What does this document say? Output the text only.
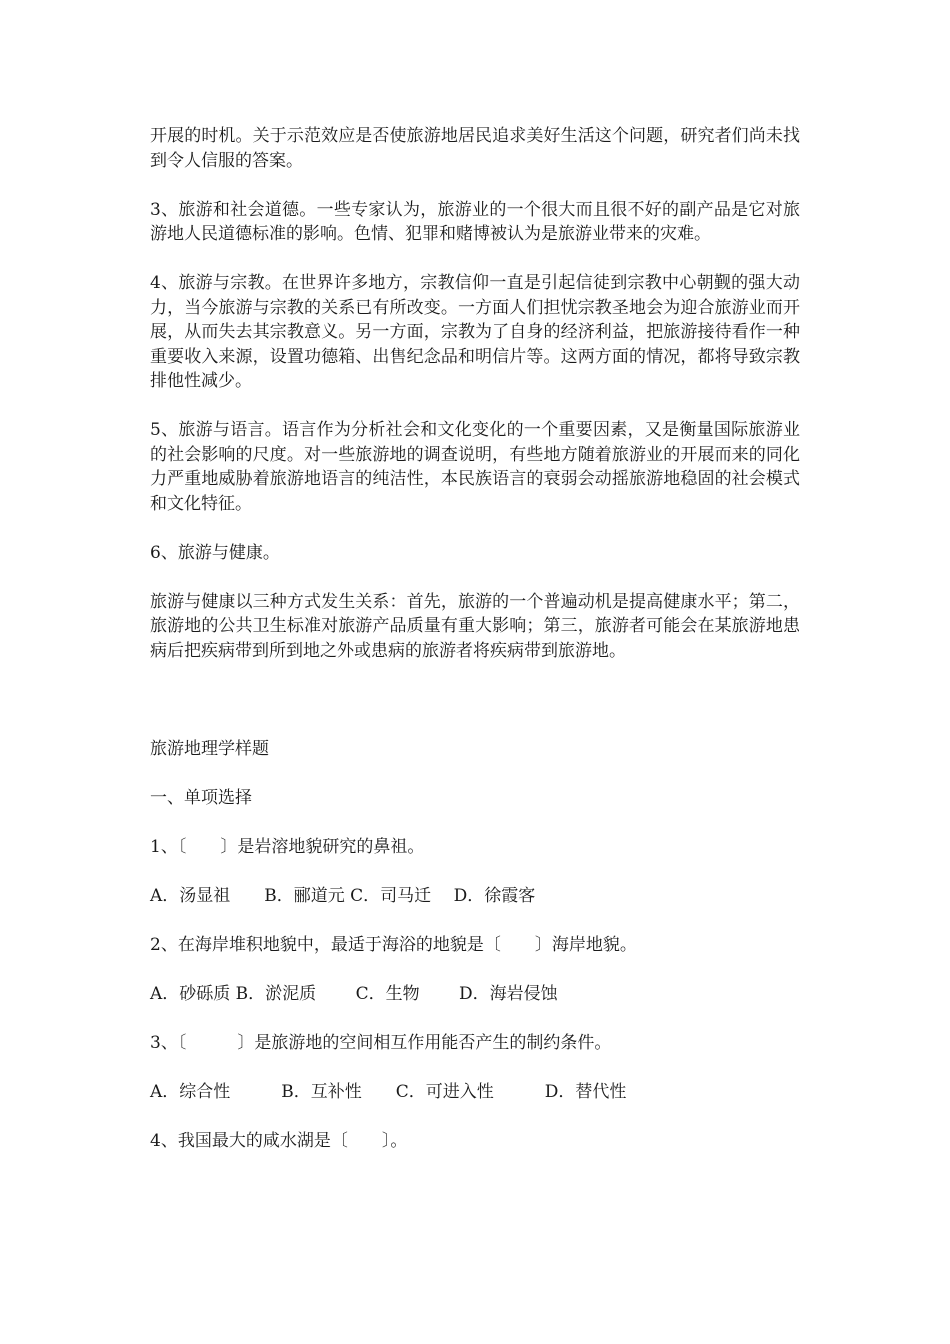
开展的时机。关于示范效应是否使旅游地居民追求美好生活这个问题，研究者们尚未找到令人信服的答案。

3、旅游和社会道德。一些专家认为，旅游业的一个很大而且很不好的副产品是它对旅游地人民道德标准的影响。色情、犯罪和赌博被认为是旅游业带来的灾难。

4、旅游与宗教。在世界许多地方，宗教信仰一直是引起信徒到宗教中心朝觐的强大动力，当今旅游与宗教的关系已有所改变。一方面人们担忧宗教圣地会为迎合旅游业而开展，从而失去其宗教意义。另一方面，宗教为了自身的经济利益，把旅游接待看作一种重要收入来源，设置功德箱、出售纪念品和明信片等。这两方面的情况，都将导致宗教排他性减少。

5、旅游与语言。语言作为分析社会和文化变化的一个重要因素，又是衡量国际旅游业的社会影响的尺度。对一些旅游地的调查说明，有些地方随着旅游业的开展而来的同化力严重地威胁着旅游地语言的纯洁性，本民族语言的衰弱会动摇旅游地稳固的社会模式和文化特征。

6、旅游与健康。

旅游与健康以三种方式发生关系：首先，旅游的一个普遍动机是提高健康水平；第二，旅游地的公共卫生标准对旅游产品质量有重大影响；第三，旅游者可能会在某旅游地患病后把疾病带到所到地之外或患病的旅游者将疾病带到旅游地。

旅游地理学样题

一、单项选择

1、〔　　〕是岩溶地貌研究的鼻祖。

A．汤显祖　　B．郦道元 C．司马迁　 D．徐霞客

2、在海岸堆积地貌中，最适于海浴的地貌是〔　　〕海岸地貌。

A．砂砾质 B．淤泥质　　 C．生物　　 D．海岩侵蚀

3、〔　　　〕是旅游地的空间相互作用能否产生的制约条件。

A．综合性　　　B．互补性　　C．可进入性　　　D．替代性

4、我国最大的咸水湖是〔　　〕。
